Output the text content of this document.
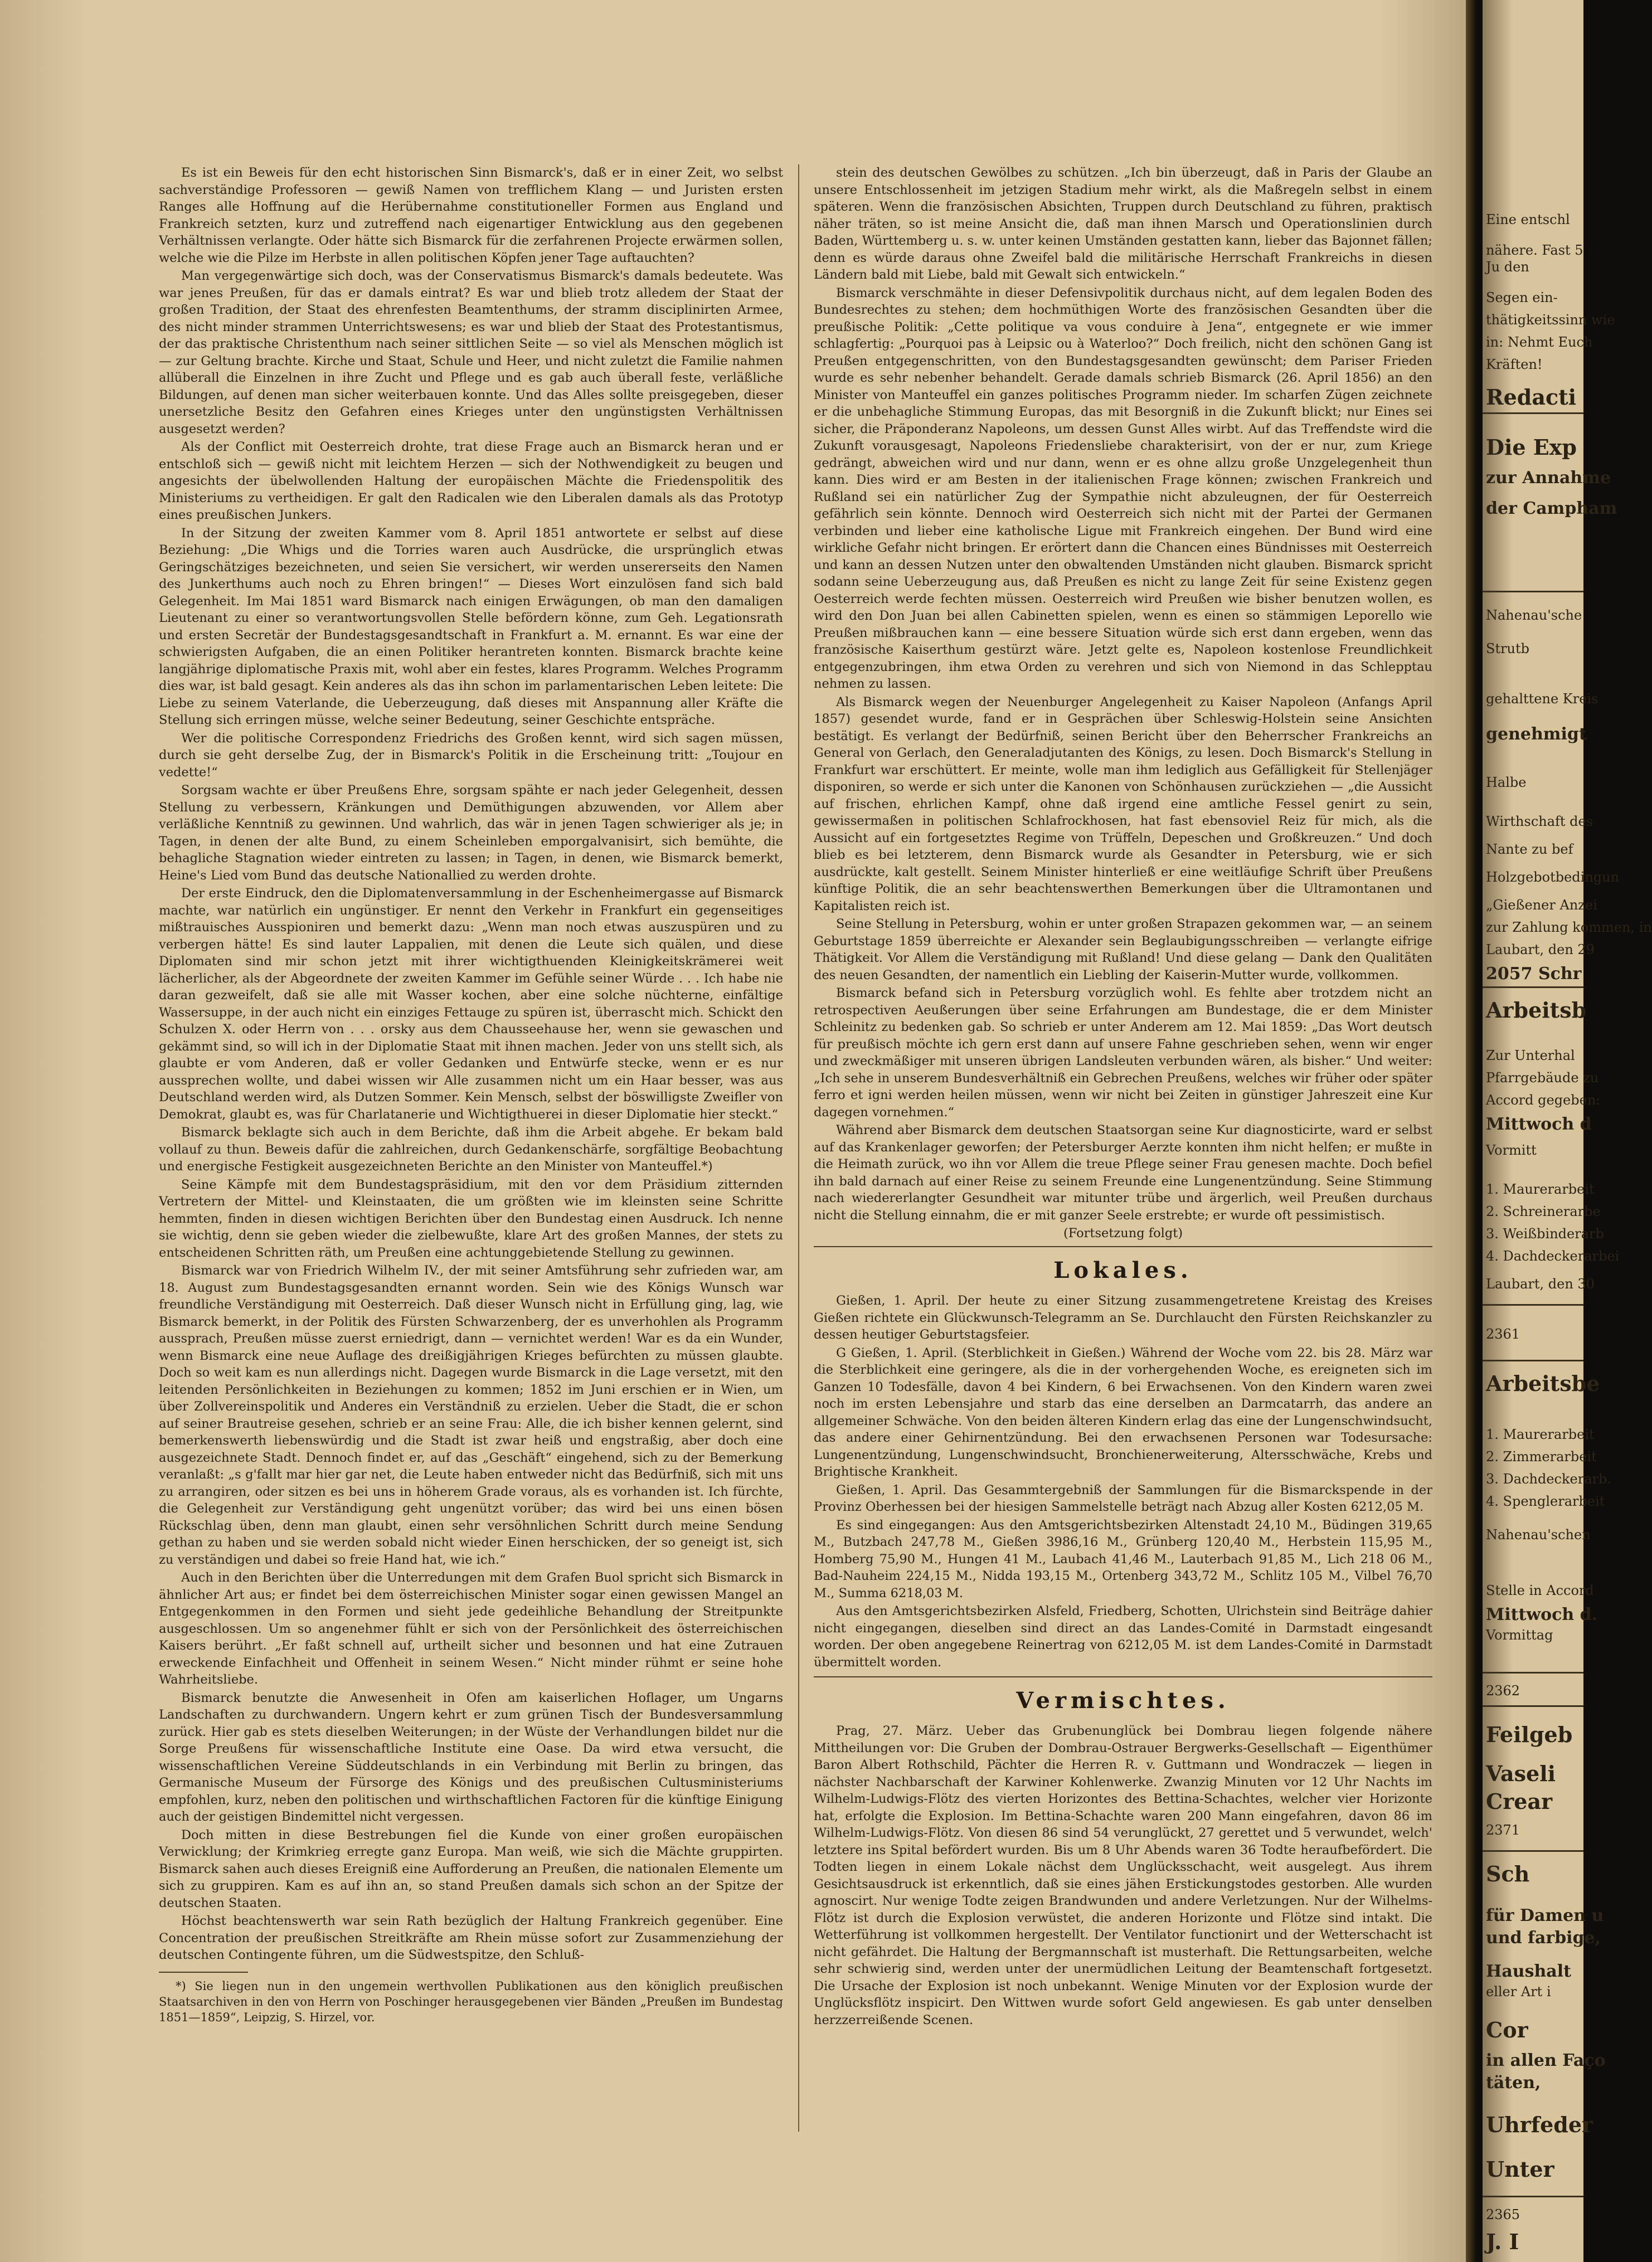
Es ist ein Beweis für den echt historischen Sinn Bismarck's, daß er in einer Zeit, wo selbst sachverständige Professoren — gewiß Namen von trefflichem Klang — und Juristen ersten Ranges alle Hoffnung auf die Herübernahme constitutioneller Formen aus England und Frankreich setzten, kurz und zutreffend nach eigenartiger Entwicklung aus den gegebenen Verhältnissen verlangte. Oder hätte sich Bismarck für die zerfahrenen Projecte erwärmen sollen, welche wie die Pilze im Herbste in allen politischen Köpfen jener Tage auftauchten?

Man vergegenwärtige sich doch, was der Conservatismus Bismarck's damals bedeutete. Was war jenes Preußen, für das er damals eintrat? Es war und blieb trotz alledem der Staat der großen Tradition, der Staat des ehrenfesten Beamtenthums, der stramm disciplinirten Armee, des nicht minder strammen Unterrichtswesens; es war und blieb der Staat des Protestantismus, der das praktische Christenthum nach seiner sittlichen Seite — so viel als Menschen möglich ist — zur Geltung brachte. Kirche und Staat, Schule und Heer, und nicht zuletzt die Familie nahmen allüberall die Einzelnen in ihre Zucht und Pflege und es gab auch überall feste, verläßliche Bildungen, auf denen man sicher weiterbauen konnte. Und das Alles sollte preisgegeben, dieser unersetzliche Besitz den Gefahren eines Krieges unter den ungünstigsten Verhältnissen ausgesetzt werden?

Als der Conflict mit Oesterreich drohte, trat diese Frage auch an Bismarck heran und er entschloß sich — gewiß nicht mit leichtem Herzen — sich der Nothwendigkeit zu beugen und angesichts der übelwollenden Haltung der europäischen Mächte die Friedenspolitik des Ministeriums zu vertheidigen. Er galt den Radicalen wie den Liberalen damals als das Prototyp eines preußischen Junkers.

In der Sitzung der zweiten Kammer vom 8. April 1851 antwortete er selbst auf diese Beziehung: „Die Whigs und die Torries waren auch Ausdrücke, die ursprünglich etwas Geringschätziges bezeichneten, und seien Sie versichert, wir werden unsererseits den Namen des Junkerthums auch noch zu Ehren bringen!“ — Dieses Wort einzulösen fand sich bald Gelegenheit. Im Mai 1851 ward Bismarck nach einigen Erwägungen, ob man den damaligen Lieutenant zu einer so verantwortungsvollen Stelle befördern könne, zum Geh. Legationsrath und ersten Secretär der Bundestagsgesandtschaft in Frankfurt a. M. ernannt. Es war eine der schwierigsten Aufgaben, die an einen Politiker herantreten konnten. Bismarck brachte keine langjährige diplomatische Praxis mit, wohl aber ein festes, klares Programm. Welches Programm dies war, ist bald gesagt. Kein anderes als das ihn schon im parlamentarischen Leben leitete: Die Liebe zu seinem Vaterlande, die Ueberzeugung, daß dieses mit Anspannung aller Kräfte die Stellung sich erringen müsse, welche seiner Bedeutung, seiner Geschichte entspräche.

Wer die politische Correspondenz Friedrichs des Großen kennt, wird sich sagen müssen, durch sie geht derselbe Zug, der in Bismarck's Politik in die Erscheinung tritt: „Toujour en vedette!“

Sorgsam wachte er über Preußens Ehre, sorgsam spähte er nach jeder Gelegenheit, dessen Stellung zu verbessern, Kränkungen und Demüthigungen abzuwenden, vor Allem aber verläßliche Kenntniß zu gewinnen. Und wahrlich, das wär in jenen Tagen schwieriger als je; in Tagen, in denen der alte Bund, zu einem Scheinleben emporgalvanisirt, sich bemühte, die behagliche Stagnation wieder eintreten zu lassen; in Tagen, in denen, wie Bismarck bemerkt, Heine's Lied vom Bund das deutsche Nationallied zu werden drohte.

Der erste Eindruck, den die Diplomatenversammlung in der Eschenheimergasse auf Bismarck machte, war natürlich ein ungünstiger. Er nennt den Verkehr in Frankfurt ein gegenseitiges mißtrauisches Ausspioniren und bemerkt dazu: „Wenn man noch etwas auszuspüren und zu verbergen hätte! Es sind lauter Lappalien, mit denen die Leute sich quälen, und diese Diplomaten sind mir schon jetzt mit ihrer wichtigthuenden Kleinigkeitskrämerei weit lächerlicher, als der Abgeordnete der zweiten Kammer im Gefühle seiner Würde . . . Ich habe nie daran gezweifelt, daß sie alle mit Wasser kochen, aber eine solche nüchterne, einfältige Wassersuppe, in der auch nicht ein einziges Fettauge zu spüren ist, überrascht mich. Schickt den Schulzen X. oder Herrn von . . . orsky aus dem Chausseehause her, wenn sie gewaschen und gekämmt sind, so will ich in der Diplomatie Staat mit ihnen machen. Jeder von uns stellt sich, als glaubte er vom Anderen, daß er voller Gedanken und Entwürfe stecke, wenn er es nur aussprechen wollte, und dabei wissen wir Alle zusammen nicht um ein Haar besser, was aus Deutschland werden wird, als Dutzen Sommer. Kein Mensch, selbst der böswilligste Zweifler von Demokrat, glaubt es, was für Charlatanerie und Wichtigthuerei in dieser Diplomatie hier steckt.“

Bismarck beklagte sich auch in dem Berichte, daß ihm die Arbeit abgehe. Er bekam bald vollauf zu thun. Beweis dafür die zahlreichen, durch Gedankenschärfe, sorgfältige Beobachtung und energische Festigkeit ausgezeichneten Berichte an den Minister von Manteuffel.*)

Seine Kämpfe mit dem Bundestagspräsidium, mit den vor dem Präsidium zitternden Vertretern der Mittel- und Kleinstaaten, die um größten wie im kleinsten seine Schritte hemmten, finden in diesen wichtigen Berichten über den Bundestag einen Ausdruck. Ich nenne sie wichtig, denn sie geben wieder die zielbewußte, klare Art des großen Mannes, der stets zu entscheidenen Schritten räth, um Preußen eine achtunggebietende Stellung zu gewinnen.

Bismarck war von Friedrich Wilhelm IV., der mit seiner Amtsführung sehr zufrieden war, am 18. August zum Bundestagsgesandten ernannt worden. Sein wie des Königs Wunsch war freundliche Verständigung mit Oesterreich. Daß dieser Wunsch nicht in Erfüllung ging, lag, wie Bismarck bemerkt, in der Politik des Fürsten Schwarzenberg, der es unverhohlen als Programm aussprach, Preußen müsse zuerst erniedrigt, dann — vernichtet werden! War es da ein Wunder, wenn Bismarck eine neue Auflage des dreißigjährigen Krieges befürchten zu müssen glaubte. Doch so weit kam es nun allerdings nicht. Dagegen wurde Bismarck in die Lage versetzt, mit den leitenden Persönlichkeiten in Beziehungen zu kommen; 1852 im Juni erschien er in Wien, um über Zollvereinspolitik und Anderes ein Verständniß zu erzielen. Ueber die Stadt, die er schon auf seiner Brautreise gesehen, schrieb er an seine Frau: Alle, die ich bisher kennen gelernt, sind bemerkenswerth liebenswürdig und die Stadt ist zwar heiß und engstraßig, aber doch eine ausgezeichnete Stadt. Dennoch findet er, auf das „Geschäft“ eingehend, sich zu der Bemerkung veranlaßt: „s g'fallt mar hier gar net, die Leute haben entweder nicht das Bedürfniß, sich mit uns zu arrangiren, oder sitzen es bei uns in höherem Grade voraus, als es vorhanden ist. Ich fürchte, die Gelegenheit zur Verständigung geht ungenützt vorüber; das wird bei uns einen bösen Rückschlag üben, denn man glaubt, einen sehr versöhnlichen Schritt durch meine Sendung gethan zu haben und sie werden sobald nicht wieder Einen herschicken, der so geneigt ist, sich zu verständigen und dabei so freie Hand hat, wie ich.“

Auch in den Berichten über die Unterredungen mit dem Grafen Buol spricht sich Bismarck in ähnlicher Art aus; er findet bei dem österreichischen Minister sogar einen gewissen Mangel an Entgegenkommen in den Formen und sieht jede gedeihliche Behandlung der Streitpunkte ausgeschlossen. Um so angenehmer fühlt er sich von der Persönlichkeit des österreichischen Kaisers berührt. „Er faßt schnell auf, urtheilt sicher und besonnen und hat eine Zutrauen erweckende Einfachheit und Offenheit in seinem Wesen.“ Nicht minder rühmt er seine hohe Wahrheitsliebe.

Bismarck benutzte die Anwesenheit in Ofen am kaiserlichen Hoflager, um Ungarns Landschaften zu durchwandern. Ungern kehrt er zum grünen Tisch der Bundesversammlung zurück. Hier gab es stets dieselben Weiterungen; in der Wüste der Verhandlungen bildet nur die Sorge Preußens für wissenschaftliche Institute eine Oase. Da wird etwa versucht, die wissenschaftlichen Vereine Süddeutschlands in ein Verbindung mit Berlin zu bringen, das Germanische Museum der Fürsorge des Königs und des preußischen Cultusministeriums empfohlen, kurz, neben den politischen und wirthschaftlichen Factoren für die künftige Einigung auch der geistigen Bindemittel nicht vergessen.

Doch mitten in diese Bestrebungen fiel die Kunde von einer großen europäischen Verwicklung; der Krimkrieg erregte ganz Europa. Man weiß, wie sich die Mächte gruppirten. Bismarck sahen auch dieses Ereigniß eine Aufforderung an Preußen, die nationalen Elemente um sich zu gruppiren. Kam es auf ihn an, so stand Preußen damals sich schon an der Spitze der deutschen Staaten.

Höchst beachtenswerth war sein Rath bezüglich der Haltung Frankreich gegenüber. Eine Concentration der preußischen Streitkräfte am Rhein müsse sofort zur Zusammenziehung der deutschen Contingente führen, um die Südwestspitze, den Schluß-

*) Sie liegen nun in den ungemein werthvollen Publikationen aus den königlich preußischen Staatsarchiven in den von Herrn von Poschinger herausgegebenen vier Bänden „Preußen im Bundestag 1851—1859“, Leipzig, S. Hirzel, vor.

stein des deutschen Gewölbes zu schützen. „Ich bin überzeugt, daß in Paris der Glaube an unsere Entschlossenheit im jetzigen Stadium mehr wirkt, als die Maßregeln selbst in einem späteren. Wenn die französischen Absichten, Truppen durch Deutschland zu führen, praktisch näher träten, so ist meine Ansicht die, daß man ihnen Marsch und Operationslinien durch Baden, Württemberg u. s. w. unter keinen Umständen gestatten kann, lieber das Bajonnet fällen; denn es würde daraus ohne Zweifel bald die militärische Herrschaft Frankreichs in diesen Ländern bald mit Liebe, bald mit Gewalt sich entwickeln.“

Bismarck verschmähte in dieser Defensivpolitik durchaus nicht, auf dem legalen Boden des Bundesrechtes zu stehen; dem hochmüthigen Worte des französischen Gesandten über die preußische Politik: „Cette politique va vous conduire à Jena“, entgegnete er wie immer schlagfertig: „Pourquoi pas à Leipsic ou à Waterloo?“ Doch freilich, nicht den schönen Gang ist Preußen entgegenschritten, von den Bundestagsgesandten gewünscht; dem Pariser Frieden wurde es sehr nebenher behandelt. Gerade damals schrieb Bismarck (26. April 1856) an den Minister von Manteuffel ein ganzes politisches Programm nieder. Im scharfen Zügen zeichnete er die unbehagliche Stimmung Europas, das mit Besorgniß in die Zukunft blickt; nur Eines sei sicher, die Präponderanz Napoleons, um dessen Gunst Alles wirbt. Auf das Treffendste wird die Zukunft vorausgesagt, Napoleons Friedensliebe charakterisirt, von der er nur, zum Kriege gedrängt, abweichen wird und nur dann, wenn er es ohne allzu große Unzgelegenheit thun kann. Dies wird er am Besten in der italienischen Frage können; zwischen Frankreich und Rußland sei ein natürlicher Zug der Sympathie nicht abzuleugnen, der für Oesterreich gefährlich sein könnte. Dennoch wird Oesterreich sich nicht mit der Partei der Germanen verbinden und lieber eine katholische Ligue mit Frankreich eingehen. Der Bund wird eine wirkliche Gefahr nicht bringen. Er erörtert dann die Chancen eines Bündnisses mit Oesterreich und kann an dessen Nutzen unter den obwaltenden Umständen nicht glauben. Bismarck spricht sodann seine Ueberzeugung aus, daß Preußen es nicht zu lange Zeit für seine Existenz gegen Oesterreich werde fechten müssen. Oesterreich wird Preußen wie bisher benutzen wollen, es wird den Don Juan bei allen Cabinetten spielen, wenn es einen so stämmigen Leporello wie Preußen mißbrauchen kann — eine bessere Situation würde sich erst dann ergeben, wenn das französische Kaiserthum gestürzt wäre. Jetzt gelte es, Napoleon kostenlose Freundlichkeit entgegenzubringen, ihm etwa Orden zu verehren und sich von Niemond in das Schlepptau nehmen zu lassen.

Als Bismarck wegen der Neuenburger Angelegenheit zu Kaiser Napoleon (Anfangs April 1857) gesendet wurde, fand er in Gesprächen über Schleswig-Holstein seine Ansichten bestätigt. Es verlangt der Bedürfniß, seinen Bericht über den Beherrscher Frankreichs an General von Gerlach, den Generaladjutanten des Königs, zu lesen. Doch Bismarck's Stellung in Frankfurt war erschüttert. Er meinte, wolle man ihm lediglich aus Gefälligkeit für Stellenjäger disponiren, so werde er sich unter die Kanonen von Schönhausen zurückziehen — „die Aussicht auf frischen, ehrlichen Kampf, ohne daß irgend eine amtliche Fessel genirt zu sein, gewissermaßen in politischen Schlafrockhosen, hat fast ebensoviel Reiz für mich, als die Aussicht auf ein fortgesetztes Regime von Trüffeln, Depeschen und Großkreuzen.“ Und doch blieb es bei letzterem, denn Bismarck wurde als Gesandter in Petersburg, wie er sich ausdrückte, kalt gestellt. Seinem Minister hinterließ er eine weitläufige Schrift über Preußens künftige Politik, die an sehr beachtenswerthen Bemerkungen über die Ultramontanen und Kapitalisten reich ist.

Seine Stellung in Petersburg, wohin er unter großen Strapazen gekommen war, — an seinem Geburtstage 1859 überreichte er Alexander sein Beglaubigungsschreiben — verlangte eifrige Thätigkeit. Vor Allem die Verständigung mit Rußland! Und diese gelang — Dank den Qualitäten des neuen Gesandten, der namentlich ein Liebling der Kaiserin-Mutter wurde, vollkommen.

Bismarck befand sich in Petersburg vorzüglich wohl. Es fehlte aber trotzdem nicht an retrospectiven Aeußerungen über seine Erfahrungen am Bundestage, die er dem Minister Schleinitz zu bedenken gab. So schrieb er unter Anderem am 12. Mai 1859: „Das Wort deutsch für preußisch möchte ich gern erst dann auf unsere Fahne geschrieben sehen, wenn wir enger und zweckmäßiger mit unseren übrigen Landsleuten verbunden wären, als bisher.“ Und weiter: „Ich sehe in unserem Bundesverhältniß ein Gebrechen Preußens, welches wir früher oder später ferro et igni werden heilen müssen, wenn wir nicht bei Zeiten in günstiger Jahreszeit eine Kur dagegen vornehmen.“

Während aber Bismarck dem deutschen Staatsorgan seine Kur diagnosticirte, ward er selbst auf das Krankenlager geworfen; der Petersburger Aerzte konnten ihm nicht helfen; er mußte in die Heimath zurück, wo ihn vor Allem die treue Pflege seiner Frau genesen machte. Doch befiel ihn bald darnach auf einer Reise zu seinem Freunde eine Lungenentzündung. Seine Stimmung nach wiedererlangter Gesundheit war mitunter trübe und ärgerlich, weil Preußen durchaus nicht die Stellung einnahm, die er mit ganzer Seele erstrebte; er wurde oft pessimistisch.

(Fortsetzung folgt)
Lokales.

Gießen, 1. April. Der heute zu einer Sitzung zusammengetretene Kreistag des Kreises Gießen richtete ein Glückwunsch-Telegramm an Se. Durchlaucht den Fürsten Reichskanzler zu dessen heutiger Geburtstagsfeier.

G Gießen, 1. April. (Sterblichkeit in Gießen.) Während der Woche vom 22. bis 28. März war die Sterblichkeit eine geringere, als die in der vorhergehenden Woche, es ereigneten sich im Ganzen 10 Todesfälle, davon 4 bei Kindern, 6 bei Erwachsenen. Von den Kindern waren zwei noch im ersten Lebensjahre und starb das eine derselben an Darmcatarrh, das andere an allgemeiner Schwäche. Von den beiden älteren Kindern erlag das eine der Lungenschwindsucht, das andere einer Gehirnentzündung. Bei den erwachsenen Personen war Todesursache: Lungenentzündung, Lungenschwindsucht, Bronchienerweiterung, Altersschwäche, Krebs und Brightische Krankheit.

Gießen, 1. April. Das Gesammtergebniß der Sammlungen für die Bismarckspende in der Provinz Oberhessen bei der hiesigen Sammelstelle beträgt nach Abzug aller Kosten 6212,05 M.

Es sind eingegangen: Aus den Amtsgerichtsbezirken Altenstadt 24,10 M., Büdingen 319,65 M., Butzbach 247,78 M., Gießen 3986,16 M., Grünberg 120,40 M., Herbstein 115,95 M., Homberg 75,90 M., Hungen 41 M., Laubach 41,46 M., Lauterbach 91,85 M., Lich 218 06 M., Bad-Nauheim 224,15 M., Nidda 193,15 M., Ortenberg 343,72 M., Schlitz 105 M., Vilbel 76,70 M., Summa 6218,03 M.

Aus den Amtsgerichtsbezirken Alsfeld, Friedberg, Schotten, Ulrichstein sind Beiträge dahier nicht eingegangen, dieselben sind direct an das Landes-Comité in Darmstadt eingesandt worden. Der oben angegebene Reinertrag von 6212,05 M. ist dem Landes-Comité in Darmstadt übermittelt worden.

Vermischtes.

Prag, 27. März. Ueber das Grubenunglück bei Dombrau liegen folgende nähere Mittheilungen vor: Die Gruben der Dombrau-Ostrauer Bergwerks-Gesellschaft — Eigenthümer Baron Albert Rothschild, Pächter die Herren R. v. Guttmann und Wondraczek — liegen in nächster Nachbarschaft der Karwiner Kohlenwerke. Zwanzig Minuten vor 12 Uhr Nachts im Wilhelm-Ludwigs-Flötz des vierten Horizontes des Bettina-Schachtes, welcher vier Horizonte hat, erfolgte die Explosion. Im Bettina-Schachte waren 200 Mann eingefahren, davon 86 im Wilhelm-Ludwigs-Flötz. Von diesen 86 sind 54 verunglückt, 27 gerettet und 5 verwundet, welch' letztere ins Spital befördert wurden. Bis um 8 Uhr Abends waren 36 Todte heraufbefördert. Die Todten liegen in einem Lokale nächst dem Unglücksschacht, weit ausgelegt. Aus ihrem Gesichtsausdruck ist erkenntlich, daß sie eines jähen Erstickungstodes gestorben. Alle wurden agnoscirt. Nur wenige Todte zeigen Brandwunden und andere Verletzungen. Nur der Wilhelms-Flötz ist durch die Explosion verwüstet, die anderen Horizonte und Flötze sind intakt. Die Wetterführung ist vollkommen hergestellt. Der Ventilator functionirt und der Wetterschacht ist nicht gefährdet. Die Haltung der Bergmannschaft ist musterhaft. Die Rettungsarbeiten, welche sehr schwierig sind, werden unter der unermüdlichen Leitung der Beamtenschaft fortgesetzt. Die Ursache der Explosion ist noch unbekannt. Wenige Minuten vor der Explosion wurde der Unglücksflötz inspicirt. Den Wittwen wurde sofort Geld angewiesen. Es gab unter denselben herzzerreißende Scenen.

Eine entschl
nähere. Fast 5
Ju den
Segen ein-
thätigkeitssinn wie
in: Nehmt Euch
Kräften!
Redacti
Die Exp
zur Annahme
der Campham
Nahenau'sche
Strutb
gehalttene Kreis
genehmigt
Halbe
Wirthschaft des
Nante zu bef
Holzgebotbedingun
„Gießener Anzei
zur Zahlung kommen, in
Laubart, den 29
2057 Schr
Arbeitsb
Zur Unterhal
Pfarrgebäude zu
Accord gegeben:
Mittwoch d
Vormitt
1. Maurerarbeit
2. Schreinerarbe
3. Weißbinderarb
4. Dachdeckerarbei
Laubart, den 30
2361
Arbeitsbe
1. Maurerarbeit
2. Zimmerarbeit
3. Dachdeckerarb.
4. Spenglerarbeit
Nahenau'schen
Stelle in Accord
Mittwoch d.
Vormittag
2362
Feilgeb
Vaseli
Crear
2371
Sch
für Damen u
und farbige,
Haushalt
eller Art i
Cor
in allen Faço
täten,
Uhrfeder
Unter
2365
J. I
